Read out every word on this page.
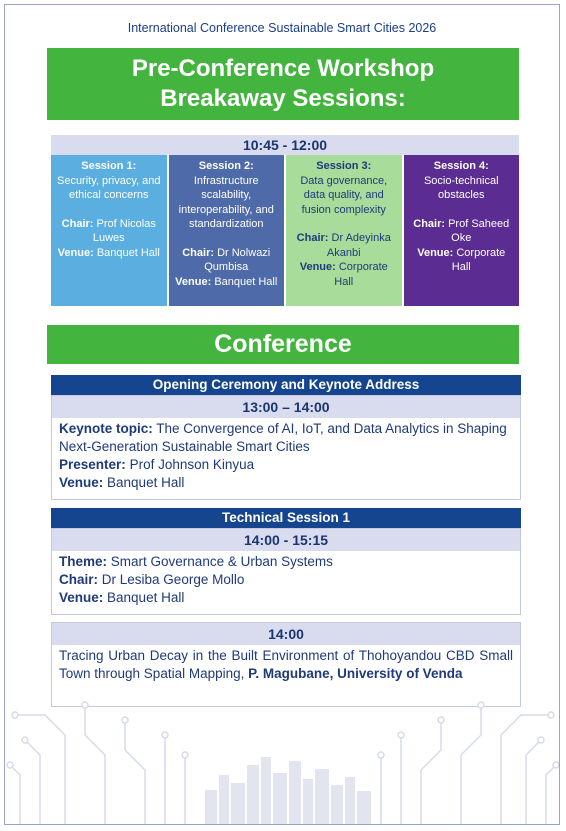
International Conference Sustainable Smart Cities 2026
Pre-Conference Workshop
Breakaway Sessions:
10:45 - 12:00
Session 1:
Security, privacy, and ethical concerns
Chair: Prof Nicolas Luwes
Venue: Banquet Hall
Session 2:
Infrastructure scalability, interoperability, and standardization
Chair: Dr Nolwazi Qumbisa
Venue: Banquet Hall
Session 3:
Data governance, data quality, and fusion complexity
Chair: Dr Adeyinka Akanbi
Venue: Corporate Hall
Session 4:
Socio-technical obstacles
Chair: Prof Saheed Oke
Venue: Corporate Hall
Conference
Opening Ceremony and Keynote Address
13:00 – 14:00
Keynote topic: The Convergence of AI, IoT, and Data Analytics in Shaping Next-Generation Sustainable Smart Cities
Presenter: Prof Johnson Kinyua
Venue: Banquet Hall
Technical Session 1
14:00 - 15:15
Theme: Smart Governance & Urban Systems
Chair: Dr Lesiba George Mollo
Venue: Banquet Hall
14:00
Tracing Urban Decay in the Built Environment of Thohoyandou CBD Small Town through Spatial Mapping, P. Magubane, University of Venda
